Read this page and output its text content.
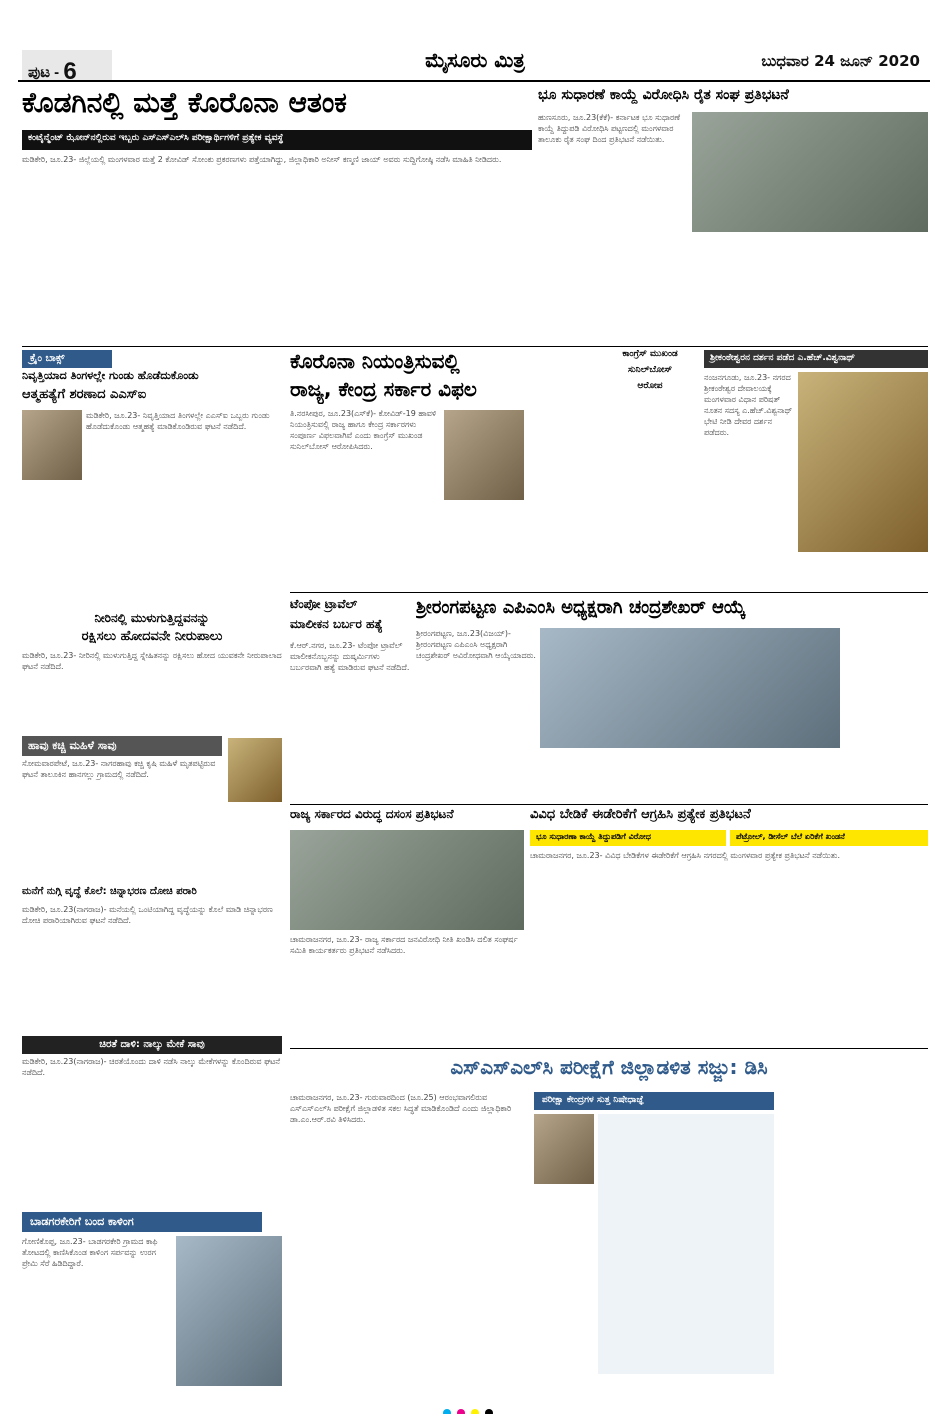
ಪುಟ - 6	ಮೈಸೂರು ಮಿತ್ರ	ಬುಧವಾರ 24 ಜೂನ್ 2020
ಕೊಡಗಿನಲ್ಲಿ ಮತ್ತೆ ಕೊರೊನಾ ಆತಂಕ
ಕಂಟೈನ್ಮೆಂಟ್ ಝೋನ್‌ನಲ್ಲಿರುವ ಇಬ್ಬರು ಎಸ್‌ಎಸ್‌ಎಲ್‌ಸಿ ಪರೀಕ್ಷಾರ್ಥಿಗಳಿಗೆ ಪ್ರತ್ಯೇಕ ವ್ಯವಸ್ಥೆ
ಮಡಿಕೇರಿ, ಜೂ.23- ಜಿಲ್ಲೆಯಲ್ಲಿ ಮಂಗಳವಾರ ಮತ್ತೆ 2 ಕೋವಿಡ್ ಸೋಂಕು ಪ್ರಕರಣಗಳು ಪತ್ತೆಯಾಗಿದ್ದು, ಜಿಲ್ಲಾಧಿಕಾರಿ ಅನೀಸ್ ಕಣ್ಮಣಿ ಜಾಯ್ ಅವರು ಸುದ್ದಿಗೋಷ್ಠಿ ನಡೆಸಿ ಮಾಹಿತಿ ನೀಡಿದರು.
ಭೂ ಸುಧಾರಣೆ ಕಾಯ್ದೆ ವಿರೋಧಿಸಿ ರೈತ ಸಂಘ ಪ್ರತಿಭಟನೆ
ಹುಣಸೂರು, ಜೂ.23(ಕೆಕೆ)- ಕರ್ನಾಟಕ ಭೂ ಸುಧಾರಣೆ ಕಾಯ್ದೆ ತಿದ್ದುಪಡಿ ವಿರೋಧಿಸಿ ಪಟ್ಟಣದಲ್ಲಿ ಮಂಗಳವಾರ ತಾಲೂಕು ರೈತ ಸಂಘ ದಿಂದ ಪ್ರತಿಭಟನೆ ನಡೆಯಿತು.
ಕ್ರೈಂ ಬಾಕ್ಸ್
ನಿವೃತ್ತಿಯಾದ ತಿಂಗಳಲ್ಲೇ ಗುಂಡು ಹೊಡೆದುಕೊಂಡು
ಆತ್ಮಹತ್ಯೆಗೆ ಶರಣಾದ ಎಎಸ್‌ಐ
ಮಡಿಕೇರಿ, ಜೂ.23- ನಿವೃತ್ತಿಯಾದ ತಿಂಗಳಲ್ಲೇ ಎಎಸ್‌ಐ ಒಬ್ಬರು ಗುಂಡು ಹೊಡೆದುಕೊಂಡು ಆತ್ಮಹತ್ಯೆ ಮಾಡಿಕೊಂಡಿರುವ ಘಟನೆ ನಡೆದಿದೆ.
ನೀರಿನಲ್ಲಿ ಮುಳುಗುತ್ತಿದ್ದವನನ್ನು
ರಕ್ಷಿಸಲು ಹೋದವನೇ ನೀರುಪಾಲು
ಮಡಿಕೇರಿ, ಜೂ.23- ನೀರಿನಲ್ಲಿ ಮುಳುಗುತ್ತಿದ್ದ ಸ್ನೇಹಿತನನ್ನು ರಕ್ಷಿಸಲು ಹೋದ ಯುವಕನೇ ನೀರುಪಾಲಾದ ಘಟನೆ ನಡೆದಿದೆ.
ಹಾವು ಕಚ್ಚಿ ಮಹಿಳೆ ಸಾವು
ಸೋಮವಾರಪೇಟೆ, ಜೂ.23- ನಾಗರಹಾವು ಕಚ್ಚಿ ಕೃಷಿ ಮಹಿಳೆ ಮೃತಪಟ್ಟಿರುವ ಘಟನೆ ತಾಲೂಕಿನ ಹಾನಗಲ್ಲು ಗ್ರಾಮದಲ್ಲಿ ನಡೆದಿದೆ.
ಮನೆಗೆ ನುಗ್ಗಿ ವೃದ್ಧೆ ಕೊಲೆ: ಚಿನ್ನಾಭರಣ ದೋಚಿ ಪರಾರಿ
ಮಡಿಕೇರಿ, ಜೂ.23(ನಾಗರಾಜ)- ಮನೆಯಲ್ಲಿ ಒಂಟಿಯಾಗಿದ್ದ ವೃದ್ಧೆಯನ್ನು ಕೊಲೆ ಮಾಡಿ ಚಿನ್ನಾಭರಣ ದೋಚಿ ಪರಾರಿಯಾಗಿರುವ ಘಟನೆ ನಡೆದಿದೆ.
ಚಿರತೆ ದಾಳಿ: ನಾಲ್ಕು ಮೇಕೆ ಸಾವು
ಮಡಿಕೇರಿ, ಜೂ.23(ನಾಗರಾಜ)- ಚಿರತೆಯೊಂದು ದಾಳಿ ನಡೆಸಿ ನಾಲ್ಕು ಮೇಕೆಗಳನ್ನು ಕೊಂದಿರುವ ಘಟನೆ ನಡೆದಿದೆ.
ಬಾಡಗರಕೇರಿಗೆ ಬಂದ ಕಾಳಿಂಗ
ಗೋಣಿಕೊಪ್ಪ, ಜೂ.23- ಬಾಡಗರಕೇರಿ ಗ್ರಾಮದ ಕಾಫಿ ತೋಟದಲ್ಲಿ ಕಾಣಿಸಿಕೊಂಡ ಕಾಳಿಂಗ ಸರ್ಪವನ್ನು ಉರಗ ಪ್ರೇಮಿ ಸೆರೆ ಹಿಡಿದಿದ್ದಾರೆ.
ಕೊರೊನಾ ನಿಯಂತ್ರಿಸುವಲ್ಲಿ
ರಾಜ್ಯ, ಕೇಂದ್ರ ಸರ್ಕಾರ ವಿಫಲ
ಕಾಂಗ್ರೆಸ್ ಮುಖಂಡ
ಸುನಿಲ್‌ಬೋಸ್
ಆರೋಪ
ತಿ.ನರಸೀಪುರ, ಜೂ.23(ಎಸ್‌ಕೆ)- ಕೋವಿಡ್-19 ಹಾವಳಿ ನಿಯಂತ್ರಿಸುವಲ್ಲಿ ರಾಜ್ಯ ಹಾಗೂ ಕೇಂದ್ರ ಸರ್ಕಾರಗಳು ಸಂಪೂರ್ಣ ವಿಫಲವಾಗಿವೆ ಎಂದು ಕಾಂಗ್ರೆಸ್ ಮುಖಂಡ ಸುನಿಲ್‌ಬೋಸ್ ಆರೋಪಿಸಿದರು.
ಶ್ರೀಕಂಠೇಶ್ವರನ ದರ್ಶನ ಪಡೆದ ಎ.ಹೆಚ್.ವಿಶ್ವನಾಥ್
ನಂಜನಗೂಡು, ಜೂ.23- ನಗರದ ಶ್ರೀಕಂಠೇಶ್ವರ ದೇವಾಲಯಕ್ಕೆ ಮಂಗಳವಾರ ವಿಧಾನ ಪರಿಷತ್ ನೂತನ ಸದಸ್ಯ ಎ.ಹೆಚ್.ವಿಶ್ವನಾಥ್ ಭೇಟಿ ನೀಡಿ ದೇವರ ದರ್ಶನ ಪಡೆದರು.
ಟೆಂಪೋ ಟ್ರಾವೆಲ್
ಮಾಲೀಕನ ಬರ್ಬರ ಹತ್ಯೆ
ಕೆ.ಆರ್.ನಗರ, ಜೂ.23- ಟೆಂಪೋ ಟ್ರಾವೆಲ್ ಮಾಲೀಕನೊಬ್ಬನನ್ನು ದುಷ್ಕರ್ಮಿಗಳು ಬರ್ಬರವಾಗಿ ಹತ್ಯೆ ಮಾಡಿರುವ ಘಟನೆ ನಡೆದಿದೆ.
ಶ್ರೀರಂಗಪಟ್ಟಣ ಎಪಿಎಂಸಿ ಅಧ್ಯಕ್ಷರಾಗಿ ಚಂದ್ರಶೇಖರ್ ಆಯ್ಕೆ
ಶ್ರೀರಂಗಪಟ್ಟಣ, ಜೂ.23(ವಿಜಯ್)- ಶ್ರೀರಂಗಪಟ್ಟಣ ಎಪಿಎಂಸಿ ಅಧ್ಯಕ್ಷರಾಗಿ ಚಂದ್ರಶೇಖರ್ ಅವಿರೋಧವಾಗಿ ಆಯ್ಕೆಯಾದರು.
ರಾಜ್ಯ ಸರ್ಕಾರದ ವಿರುದ್ಧ ದಸಂಸ ಪ್ರತಿಭಟನೆ
ಚಾಮರಾಜನಗರ, ಜೂ.23- ರಾಜ್ಯ ಸರ್ಕಾರದ ಜನವಿರೋಧಿ ನೀತಿ ಖಂಡಿಸಿ ದಲಿತ ಸಂಘರ್ಷ ಸಮಿತಿ ಕಾರ್ಯಕರ್ತರು ಪ್ರತಿಭಟನೆ ನಡೆಸಿದರು.
ವಿವಿಧ ಬೇಡಿಕೆ ಈಡೇರಿಕೆಗೆ ಆಗ್ರಹಿಸಿ ಪ್ರತ್ಯೇಕ ಪ್ರತಿಭಟನೆ
ಭೂ ಸುಧಾರಣಾ ಕಾಯ್ದೆ ತಿದ್ದುಪಡಿಗೆ ವಿರೋಧ	ಪೆಟ್ರೋಲ್, ಡೀಸೆಲ್ ಬೆಲೆ ಏರಿಕೆಗೆ ಖಂಡನೆ
ಚಾಮರಾಜನಗರ, ಜೂ.23- ವಿವಿಧ ಬೇಡಿಕೆಗಳ ಈಡೇರಿಕೆಗೆ ಆಗ್ರಹಿಸಿ ನಗರದಲ್ಲಿ ಮಂಗಳವಾರ ಪ್ರತ್ಯೇಕ ಪ್ರತಿಭಟನೆ ನಡೆಯಿತು.
ಎಸ್‌ಎಸ್‌ಎಲ್‌ಸಿ ಪರೀಕ್ಷೆಗೆ ಜಿಲ್ಲಾಡಳಿತ ಸಜ್ಜು: ಡಿಸಿ
ಚಾಮರಾಜನಗರ, ಜೂ.23- ಗುರುವಾರದಿಂದ (ಜೂ.25) ಆರಂಭವಾಗಲಿರುವ ಎಸ್‌ಎಸ್‌ಎಲ್‌ಸಿ ಪರೀಕ್ಷೆಗೆ ಜಿಲ್ಲಾಡಳಿತ ಸಕಲ ಸಿದ್ಧತೆ ಮಾಡಿಕೊಂಡಿದೆ ಎಂದು ಜಿಲ್ಲಾಧಿಕಾರಿ ಡಾ.ಎಂ.ಆರ್.ರವಿ ತಿಳಿಸಿದರು.
ಪರೀಕ್ಷಾ ಕೇಂದ್ರಗಳ ಸುತ್ತ ನಿಷೇಧಾಜ್ಞೆ
